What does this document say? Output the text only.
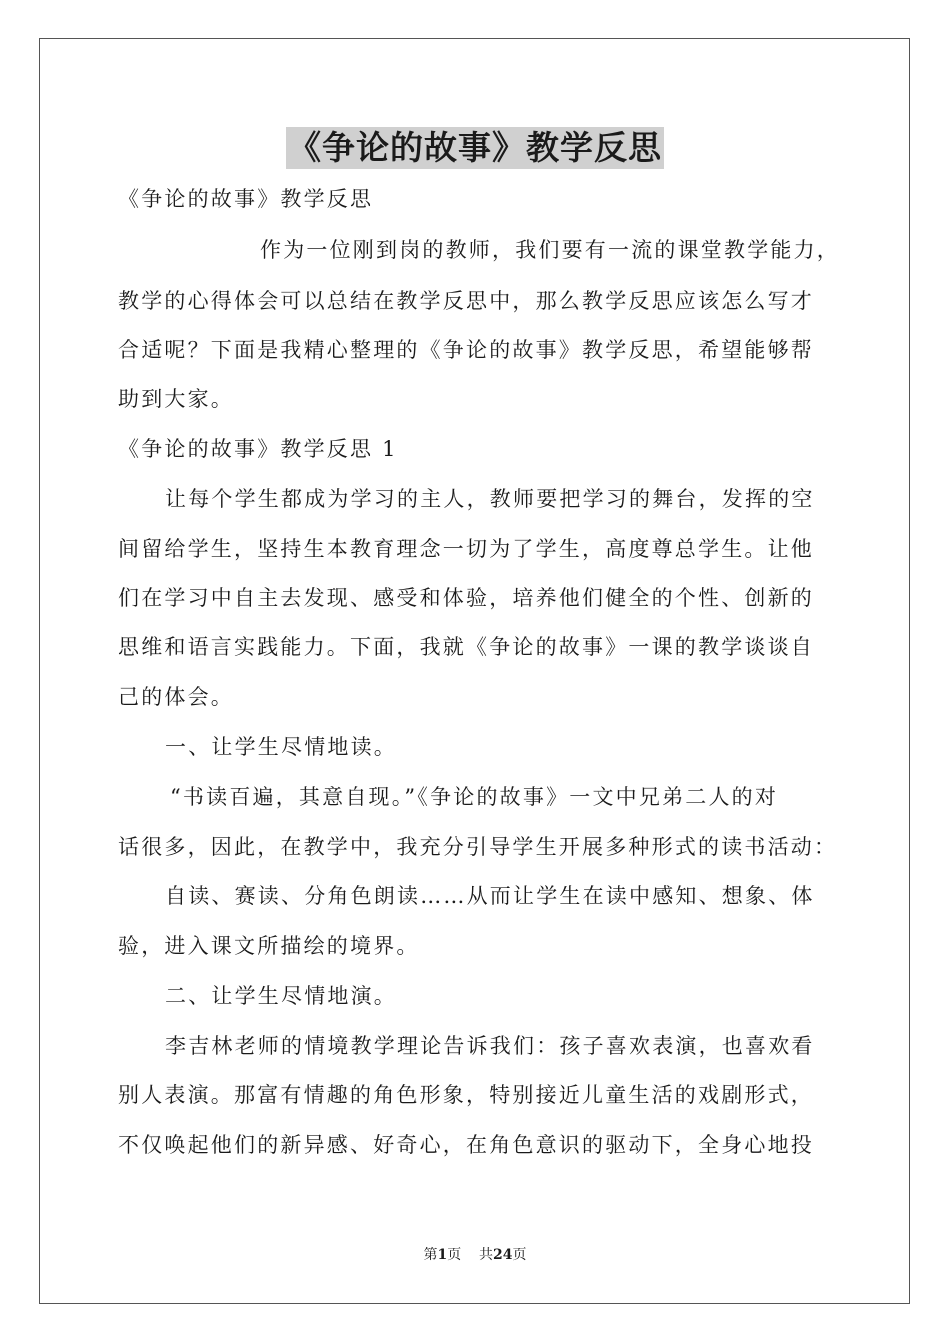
《争论的故事》教学反思
《争论的故事》教学反思
作为一位刚到岗的教师，我们要有一流的课堂教学能力，
教学的心得体会可以总结在教学反思中，那么教学反思应该怎么写才
合适呢？下面是我精心整理的《争论的故事》教学反思，希望能够帮
助到大家。
《争论的故事》教学反思 1
让每个学生都成为学习的主人，教师要把学习的舞台，发挥的空
间留给学生，坚持生本教育理念一切为了学生，高度尊总学生。让他
们在学习中自主去发现、感受和体验，培养他们健全的个性、创新的
思维和语言实践能力。下面，我就《争论的故事》一课的教学谈谈自
己的体会。
一、让学生尽情地读。
“书读百遍，其意自现。”《争论的故事》一文中兄弟二人的对
话很多，因此，在教学中，我充分引导学生开展多种形式的读书活动：
自读、赛读、分角色朗读……从而让学生在读中感知、想象、体
验，进入课文所描绘的境界。
二、让学生尽情地演。
李吉林老师的情境教学理论告诉我们：孩子喜欢表演，也喜欢看
别人表演。那富有情趣的角色形象，特别接近儿童生活的戏剧形式，
不仅唤起他们的新异感、好奇心，在角色意识的驱动下，全身心地投
第1页 共24页
